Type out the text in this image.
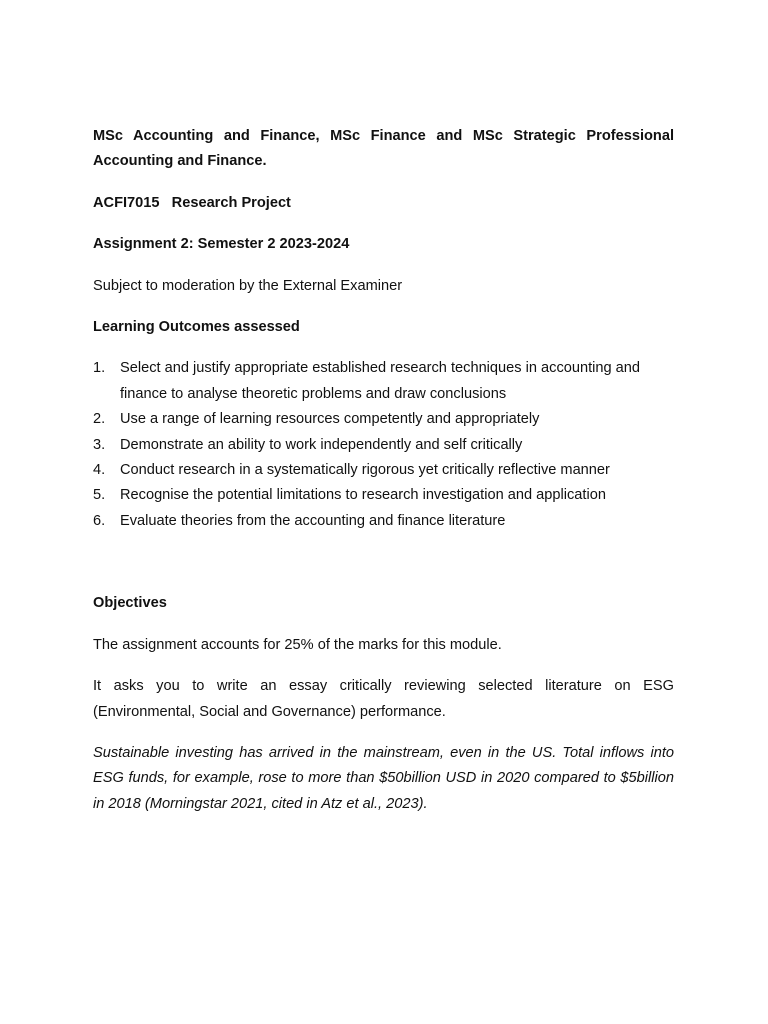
MSc Accounting and Finance, MSc Finance and MSc Strategic Professional Accounting and Finance.

ACFI7015   Research Project

Assignment 2: Semester 2 2023-2024

Subject to moderation by the External Examiner

Learning Outcomes assessed

1.	Select and justify appropriate established research techniques in accounting and finance to analyse theoretic problems and draw conclusions
2.	Use a range of learning resources competently and appropriately
3.	Demonstrate an ability to work independently and self critically
4.	Conduct research in a systematically rigorous yet critically reflective manner
5.	Recognise the potential limitations to research investigation and application
6.	Evaluate theories from the accounting and finance literature

Objectives

The assignment accounts for 25% of the marks for this module.

It asks you to write an essay critically reviewing selected literature on ESG (Environmental, Social and Governance) performance.

Sustainable investing has arrived in the mainstream, even in the US. Total inflows into ESG funds, for example, rose to more than $50billion USD in 2020 compared to $5billion in 2018 (Morningstar 2021, cited in Atz et al., 2023).
